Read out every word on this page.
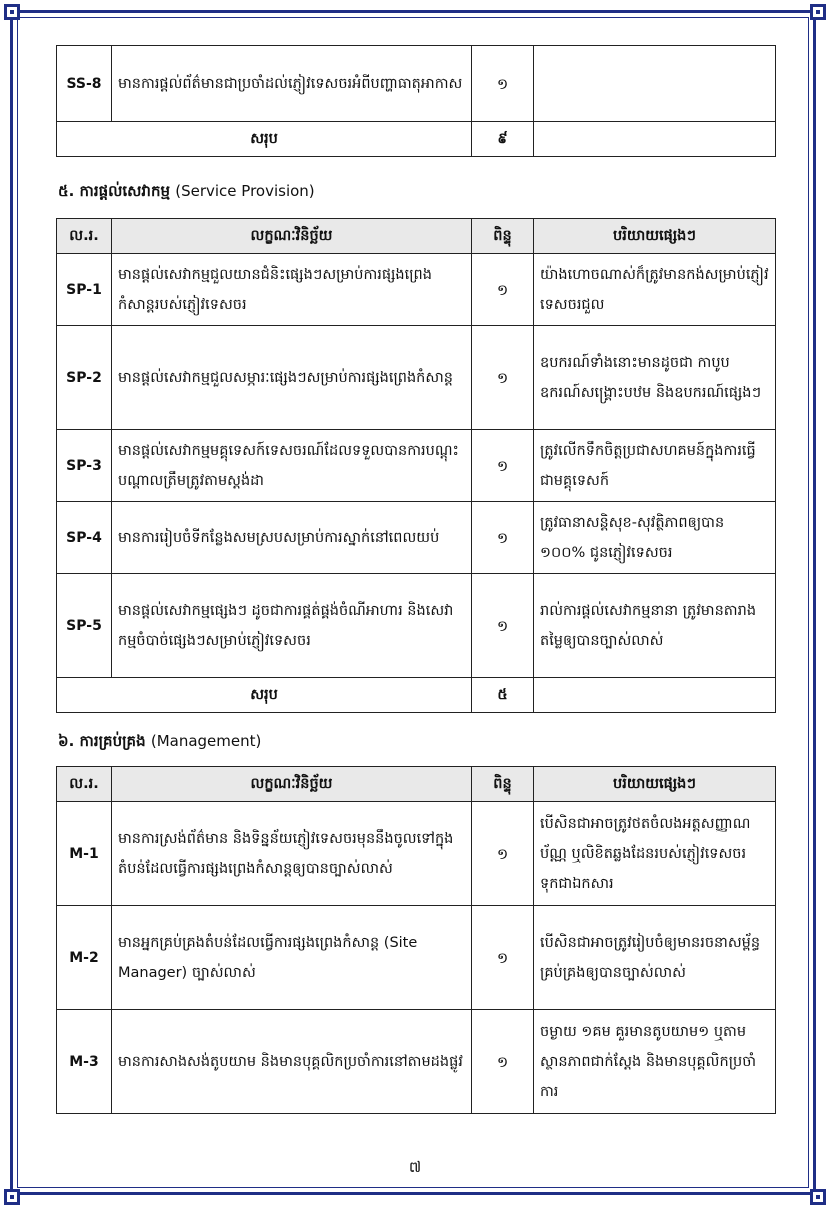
SS-8	មានការផ្តល់ព័ត៌មានជាប្រចាំដល់ភ្ញៀវទេសចរអំពីបញ្ហាធាតុអាកាស	១	
សរុប		៩	
៥. ការផ្តល់សេវាកម្ម (Service Provision)
ល.រ.	លក្ខណៈវិនិច្ឆ័យ	ពិន្ទុ	បរិយាយផ្សេងៗ
SP-1	មានផ្តល់សេវាកម្មជួលយានជំនិះផ្សេងៗសម្រាប់ការផ្សងព្រេងកំសាន្តរបស់ភ្ញៀវទេសចរ	១	យ៉ាងហោចណាស់ក៏ត្រូវមានកង់សម្រាប់ភ្ញៀវទេសចរជួល
SP-2	មានផ្តល់សេវាកម្មជួលសម្ភារៈផ្សេងៗសម្រាប់ការផ្សងព្រេងកំសាន្ត	១	ឧបករណ៍ទាំងនោះមានដូចជា កាបូប ឧករណ៍សង្គ្រោះបឋម និងឧបករណ៍ផ្សេងៗ
SP-3	មានផ្តល់សេវាកម្មមគ្គុទេសក៍ទេសចរណ៍ដែលទទួលបានការបណ្តុះបណ្តាលត្រឹមត្រូវតាមស្តង់ដា	១	ត្រូវលើកទឹកចិត្តប្រជាសហគមន៍ក្នុងការធ្វើជាមគ្គុទេសក៍
SP-4	មានការរៀបចំទីកន្លែងសមស្របសម្រាប់ការស្នាក់នៅពេលយប់	១	ត្រូវធានាសន្តិសុខ-សុវត្ថិភាពឲ្យបាន ១០០% ជូនភ្ញៀវទេសចរ
SP-5	មានផ្តល់សេវាកម្មផ្សេងៗ ដូចជាការផ្គត់ផ្គង់ចំណីអាហារ និងសេវាកម្មចំបាច់ផ្សេងៗសម្រាប់ភ្ញៀវទេសចរ	១	រាល់ការផ្តល់សេវាកម្មនានា ត្រូវមានតារាងតម្លៃឲ្យបានច្បាស់លាស់
សរុប		៥	
៦. ការគ្រប់គ្រង (Management)
ល.រ.	លក្ខណៈវិនិច្ឆ័យ	ពិន្ទុ	បរិយាយផ្សេងៗ
M-1	មានការស្រង់ព័ត៌មាន និងទិន្នន័យភ្ញៀវទេសចរមុននឹងចូលទៅក្នុងតំបន់ដែលធ្វើការផ្សងព្រេងកំសាន្តឲ្យបានច្បាស់លាស់	១	បើសិនជាអាចត្រូវថតចំលងអត្តសញ្ញាណប័ណ្ណ ឬលិខិតឆ្លងដែនរបស់ភ្ញៀវទេសចរទុកជាឯកសារ
M-2	មានអ្នកគ្រប់គ្រងតំបន់ដែលធ្វើការផ្សងព្រេងកំសាន្ត (Site Manager) ច្បាស់លាស់	១	បើសិនជាអាចត្រូវរៀបចំឲ្យមានរចនាសម្ព័ន្ធគ្រប់គ្រងឲ្យបានច្បាស់លាស់
M-3	មានការសាងសង់តូបយាម និងមានបុគ្គលិកប្រចាំការនៅតាមដងផ្លូវ	១	ចម្ងាយ ១គម គួរមានតូបយាម១ ឬតាមស្ថានភាពជាក់ស្តែង និងមានបុគ្គលិកប្រចាំការ
៧
